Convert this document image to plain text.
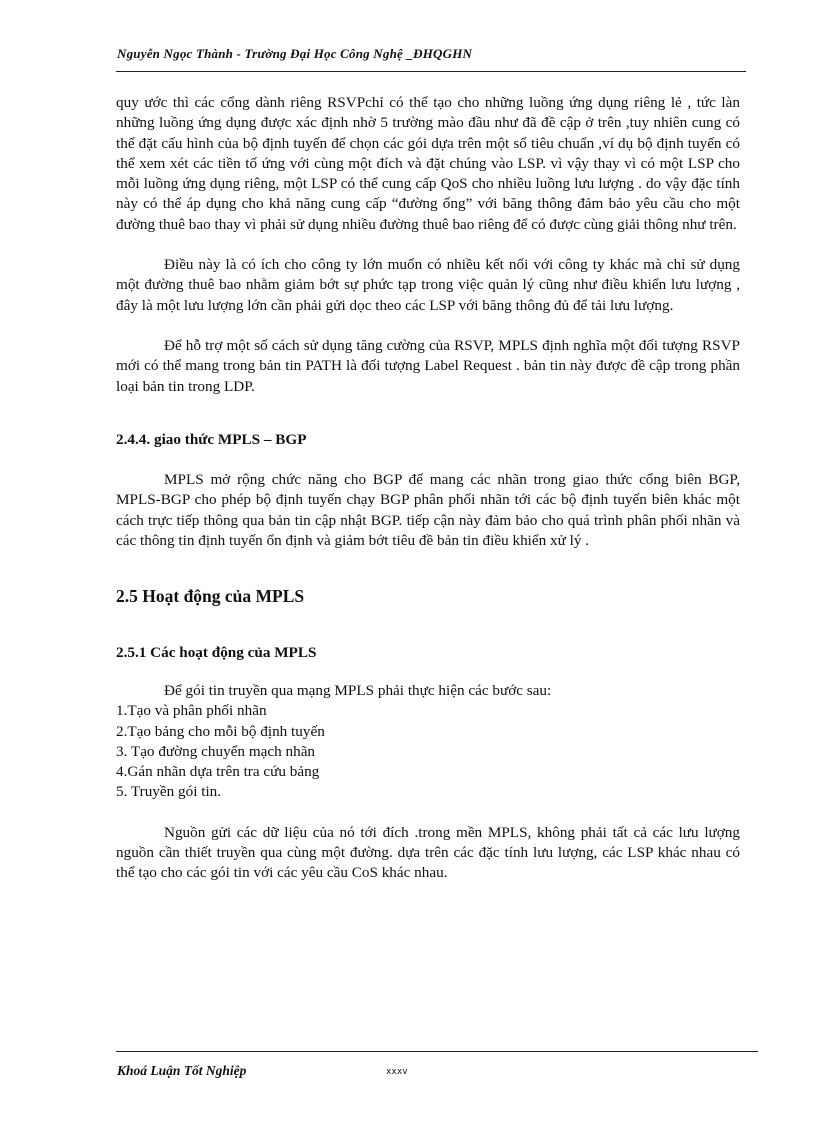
Nguyễn Ngọc Thành - Trường Đại Học Công Nghệ _ĐHQGHN

quy ước thì các cổng dành riêng RSVPchỉ có thể tạo cho những luồng ứng dụng riêng lẻ , tức làn những luồng ứng dụng được xác định nhờ 5 trường mào đầu như đã đề cập ở trên ,tuy nhiên cung có thể đặt cấu hình của bộ định tuyến để chọn các gói dựa trên một số tiêu chuẩn ,ví dụ bộ định tuyến có thể xem xét các tiền tố ứng với cùng một đích và đặt chúng vào LSP. vì vậy thay vì có một LSP cho mỗi luồng ứng dụng riêng, một LSP có thể cung cấp QoS cho nhiều luồng lưu lượng . do vậy đặc tính này có thể áp dụng cho khả năng cung cấp “đường ống” với băng thông đảm bảo yêu cầu cho một đường thuê bao thay vì phải sử dụng nhiều đường thuê bao riêng để có được cùng giải thông như trên.

Điều này là có ích cho công ty lớn muốn có nhiều kết nối với công ty khác mà chỉ sử dụng một đường thuê bao nhằm giảm bớt sự phức tạp trong việc quản lý cũng như điều khiển lưu lượng , đây là một lưu lượng lớn cần phải gửi dọc theo các LSP với băng thông đủ để tải lưu lượng.

Để hỗ trợ một số cách sử dụng tăng cường của RSVP, MPLS định nghĩa một đối tượng RSVP mới có thể mang trong bản tin PATH là đối tượng Label Request . bản tin này được đề cập trong phần loại bản tin trong LDP.

2.4.4. giao thức MPLS – BGP

MPLS mở rộng chức năng cho BGP để mang các nhãn trong giao thức cổng biên BGP, MPLS-BGP cho phép bộ định tuyến chạy BGP phân phối nhãn tới các bộ định tuyến biên khác một cách trực tiếp thông qua bản tin cập nhật BGP. tiếp cận này đảm bảo cho quá trình phân phối nhãn và các thông tin định tuyến ổn định và giảm bớt tiêu đề bản tin điều khiển xử lý .

2.5 Hoạt động của MPLS

2.5.1 Các hoạt động của MPLS

Để gói tin truyền qua mạng MPLS phải thực hiện các bước sau:

1.Tạo và phân phối nhãn

2.Tạo bảng cho mỗi bộ định tuyến

3. Tạo đường chuyển mạch nhãn

4.Gán nhãn dựa trên tra cứu bảng

5. Truyền gói tin.

Nguồn gửi các dữ liệu của nó tới đích .trong mền MPLS, không phải tất cả các lưu lượng nguồn cần thiết truyền qua cùng một đường. dựa trên các đặc tính lưu lượng, các LSP khác nhau có thể tạo cho các gói tin với các yêu cầu CoS khác nhau.

Khoá Luận Tốt Nghiệp	xxxv
